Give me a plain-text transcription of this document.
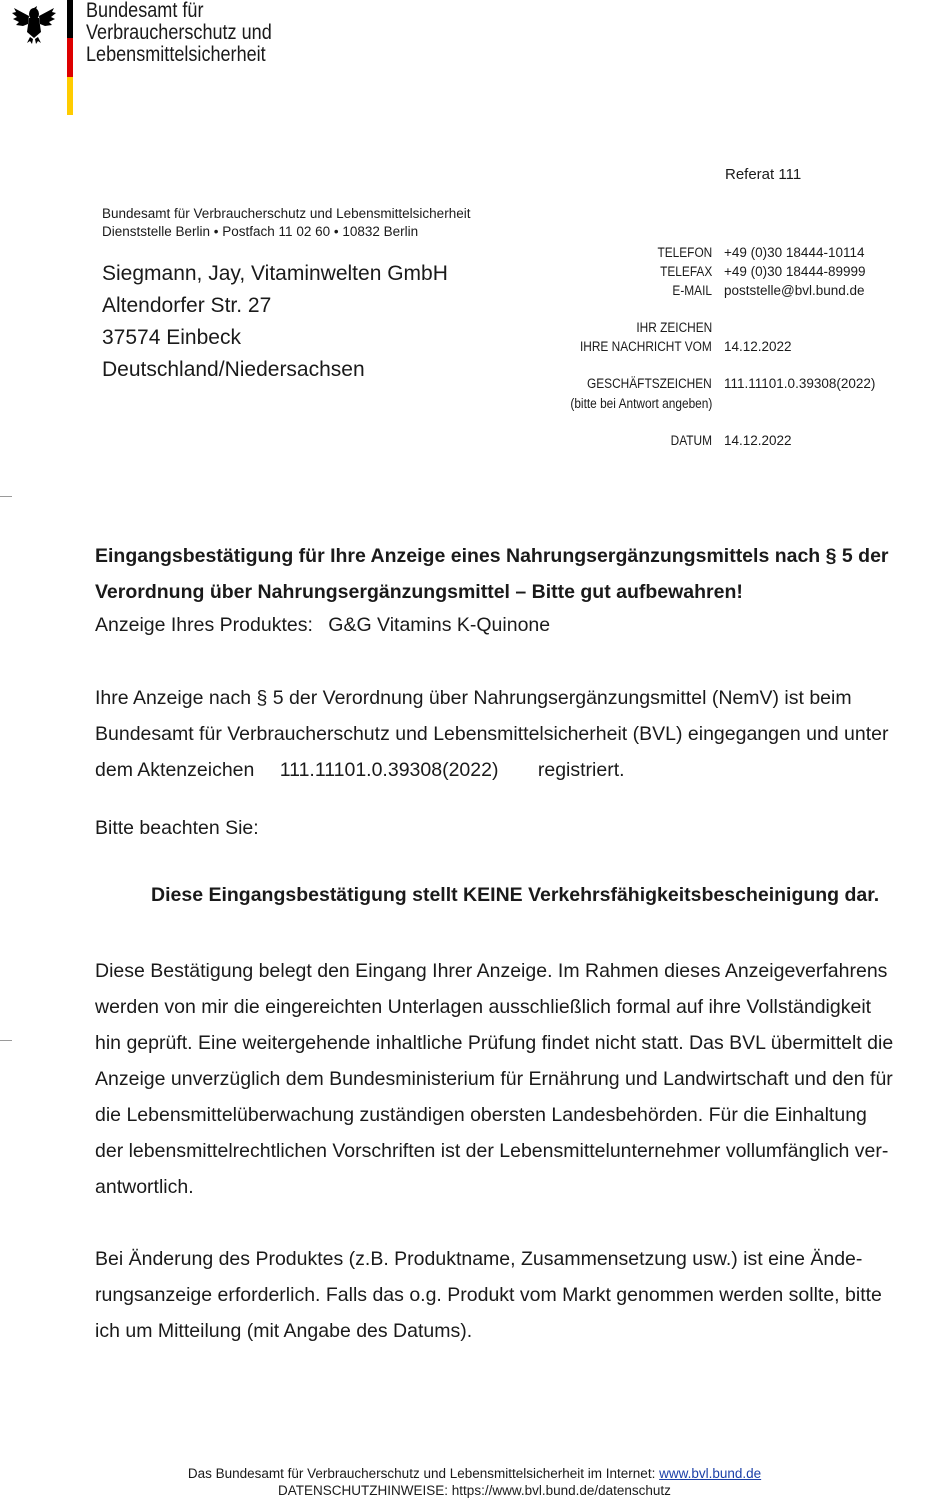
Bundesamt für
Verbraucherschutz und
Lebensmittelsicherheit
Referat 111
Bundesamt für Verbraucherschutz und Lebensmittelsicherheit
Dienststelle Berlin • Postfach 11 02 60 • 10832 Berlin
Siegmann, Jay, Vitaminwelten GmbH
Altendorfer Str. 27
37574 Einbeck
Deutschland/Niedersachsen
TELEFON +49 (0)30 18444-10114
TELEFAX +49 (0)30 18444-89999
E-MAIL poststelle@bvl.bund.de
IHR ZEICHEN
IHRE NACHRICHT VOM 14.12.2022
GESCHÄFTSZEICHEN 111.11101.0.39308(2022)
(bitte bei Antwort angeben)
DATUM 14.12.2022
Eingangsbestätigung für Ihre Anzeige eines Nahrungsergänzungsmittels nach § 5 der
Verordnung über Nahrungsergänzungsmittel – Bitte gut aufbewahren!
Anzeige Ihres Produktes: G&G Vitamins K-Quinone
Ihre Anzeige nach § 5 der Verordnung über Nahrungsergänzungsmittel (NemV) ist beim
Bundesamt für Verbraucherschutz und Lebensmittelsicherheit (BVL) eingegangen und unter
dem Aktenzeichen 111.11101.0.39308(2022) registriert.
Bitte beachten Sie:
Diese Eingangsbestätigung stellt KEINE Verkehrsfähigkeitsbescheinigung dar.
Diese Bestätigung belegt den Eingang Ihrer Anzeige. Im Rahmen dieses Anzeigeverfahrens
werden von mir die eingereichten Unterlagen ausschließlich formal auf ihre Vollständigkeit
hin geprüft. Eine weitergehende inhaltliche Prüfung findet nicht statt. Das BVL übermittelt die
Anzeige unverzüglich dem Bundesministerium für Ernährung und Landwirtschaft und den für
die Lebensmittelüberwachung zuständigen obersten Landesbehörden. Für die Einhaltung
der lebensmittelrechtlichen Vorschriften ist der Lebensmittelunternehmer vollumfänglich ver-
antwortlich.
Bei Änderung des Produktes (z.B. Produktname, Zusammensetzung usw.) ist eine Ände-
rungsanzeige erforderlich. Falls das o.g. Produkt vom Markt genommen werden sollte, bitte
ich um Mitteilung (mit Angabe des Datums).
Das Bundesamt für Verbraucherschutz und Lebensmittelsicherheit im Internet: www.bvl.bund.de
DATENSCHUTZHINWEISE: https://www.bvl.bund.de/datenschutz
